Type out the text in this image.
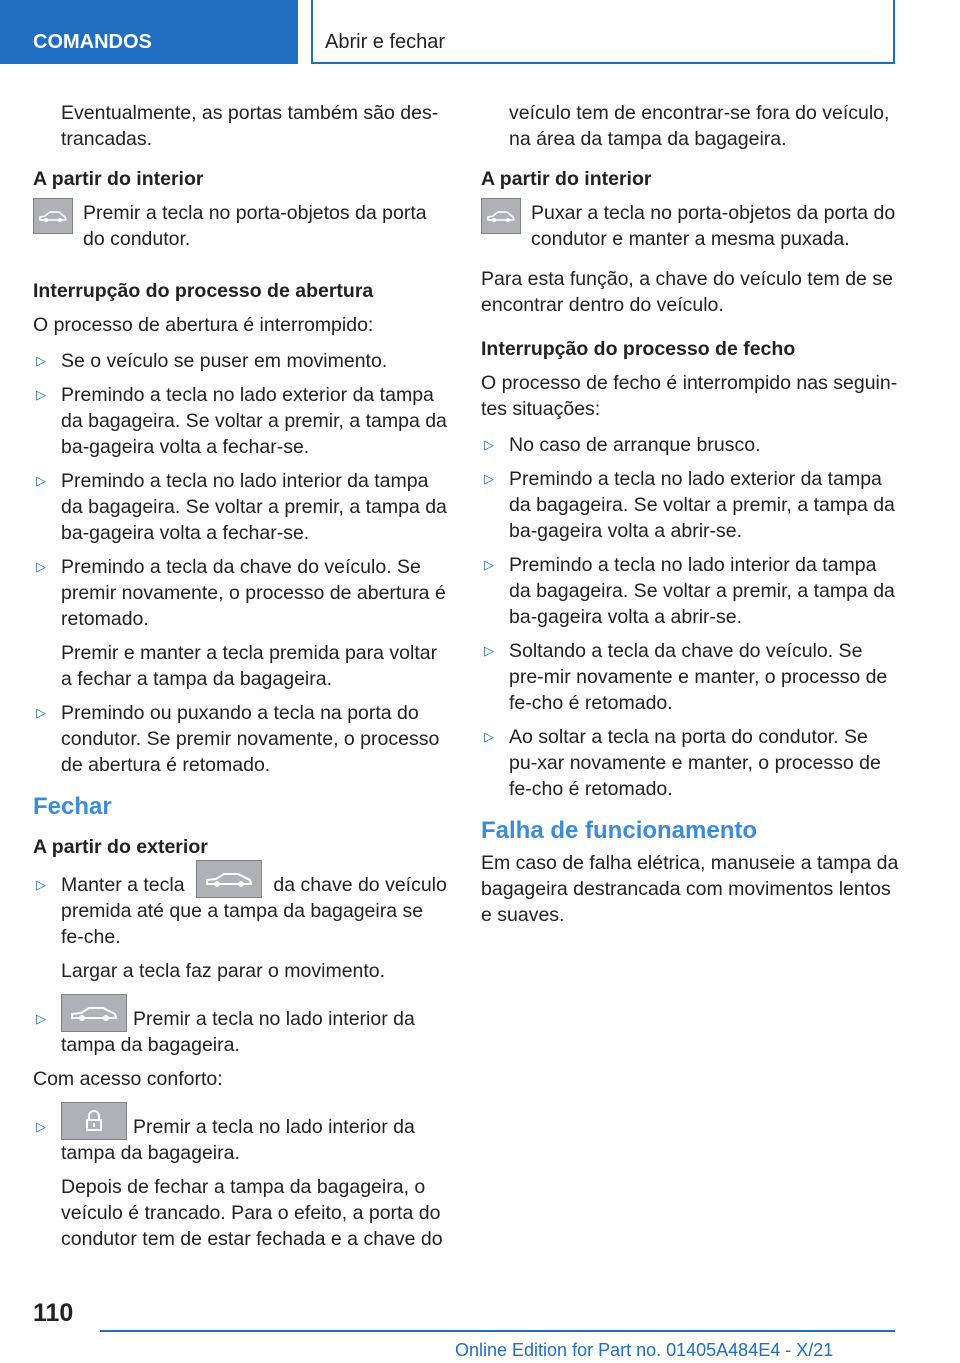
COMANDOS	Abrir e fechar

Eventualmente, as portas também são des-trancadas.

A partir do interior
Premir a tecla no porta-objetos da porta do condutor.
Interrupção do processo de abertura

O processo de abertura é interrompido:

▷ Se o veículo se puser em movimento.

▷ Premindo a tecla no lado exterior da tampa da bagageira. Se voltar a premir, a tampa da ba-gageira volta a fechar-se.

▷ Premindo a tecla no lado interior da tampa da bagageira. Se voltar a premir, a tampa da ba-gageira volta a fechar-se.

▷ Premindo a tecla da chave do veículo. Se premir novamente, o processo de abertura é retomado.

Premir e manter a tecla premida para voltar a fechar a tampa da bagageira.

▷ Premindo ou puxando a tecla na porta do condutor. Se premir novamente, o processo de abertura é retomado.

Fechar
A partir do exterior
▷ Manter a tecla	da chave do veículo premida até que a tampa da bagageira se fe-che.

Largar a tecla faz parar o movimento.

▷	Premir a tecla no lado interior da tampa da bagageira.

Com acesso conforto:

▷	Premir a tecla no lado interior da tampa da bagageira.

Depois de fechar a tampa da bagageira, o veículo é trancado. Para o efeito, a porta do condutor tem de estar fechada e a chave do

veículo tem de encontrar-se fora do veículo, na área da tampa da bagageira.

A partir do interior
Puxar a tecla no porta-objetos da porta do condutor e manter a mesma puxada.

Para esta função, a chave do veículo tem de se encontrar dentro do veículo.

Interrupção do processo de fecho

O processo de fecho é interrompido nas seguin-tes situações:

▷ No caso de arranque brusco.

▷ Premindo a tecla no lado exterior da tampa da bagageira. Se voltar a premir, a tampa da ba-gageira volta a abrir-se.

▷ Premindo a tecla no lado interior da tampa da bagageira. Se voltar a premir, a tampa da ba-gageira volta a abrir-se.

▷ Soltando a tecla da chave do veículo. Se pre-mir novamente e manter, o processo de fe-cho é retomado.

▷ Ao soltar a tecla na porta do condutor. Se pu-xar novamente e manter, o processo de fe-cho é retomado.

Falha de funcionamento

Em caso de falha elétrica, manuseie a tampa da bagageira destrancada com movimentos lentos e suaves.

110
Online Edition for Part no. 01405A484E4 - X/21
